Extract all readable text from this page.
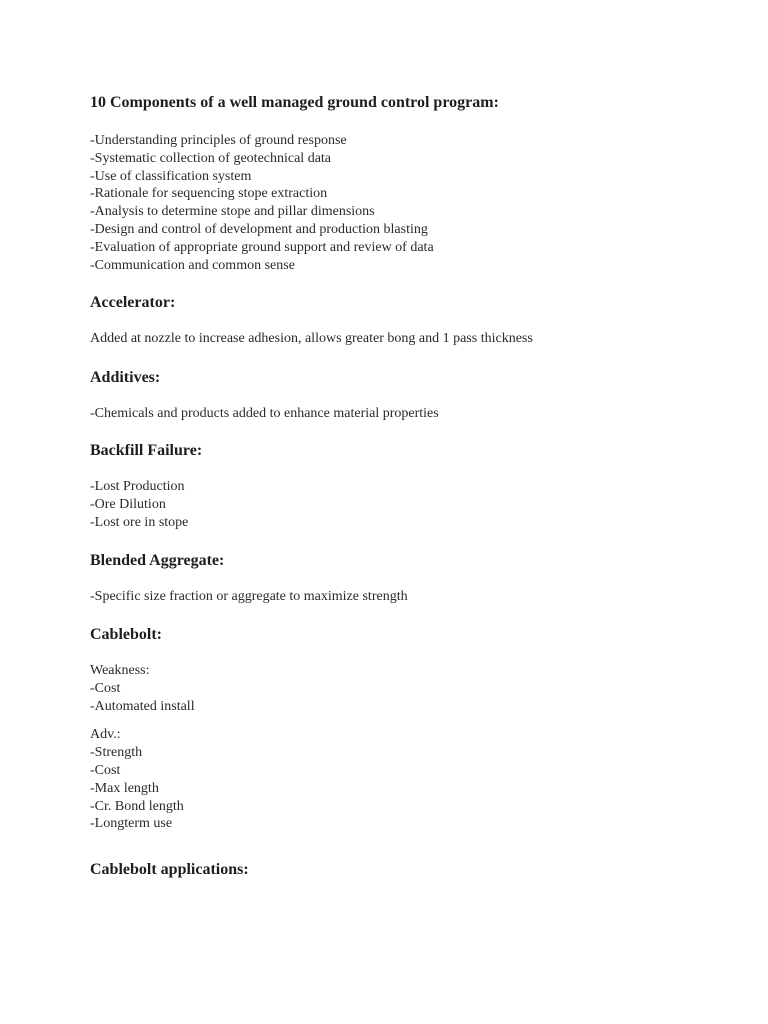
10 Components of a well managed ground control program:
-Understanding principles of ground response
-Systematic collection of geotechnical data
-Use of classification system
-Rationale for sequencing stope extraction
-Analysis to determine stope and pillar dimensions
-Design and control of development and production blasting
-Evaluation of appropriate ground support and review of data
-Communication and common sense
Accelerator:
Added at nozzle to increase adhesion, allows greater bong and 1 pass thickness
Additives:
-Chemicals and products added to enhance material properties
Backfill Failure:
-Lost Production
-Ore Dilution
-Lost ore in stope
Blended Aggregate:
-Specific size fraction or aggregate to maximize strength
Cablebolt:
Weakness:
-Cost
-Automated install
Adv.:
-Strength
-Cost
-Max length
-Cr. Bond length
-Longterm use
Cablebolt applications:
